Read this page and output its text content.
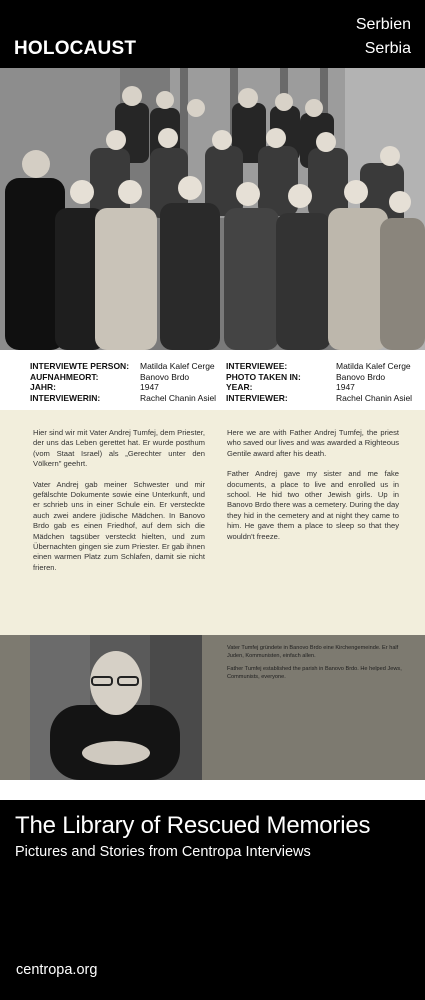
HOLOCAUST
Serbien
Serbia
INTERVIEWTE PERSON:
AUFNAHMEORT:
JAHR:
INTERVIEWERIN:
Matilda Kalef Cerge
Banovo Brdo
1947
Rachel Chanin Asiel
INTERVIEWEE:
PHOTO TAKEN IN:
YEAR:
INTERVIEWER:
Matilda Kalef Cerge
Banovo Brdo
1947
Rachel Chanin Asiel

Hier sind wir mit Vater Andrej Tumfej, dem Priester, der uns das Leben gerettet hat. Er wurde posthum (vom Staat Israel) als „Gerechter unter den Völkern" geehrt.

Vater Andrej gab meiner Schwester und mir gefälschte Dokumente sowie eine Unterkunft, und er schrieb uns in einer Schule ein. Er versteckte auch zwei andere jüdische Mädchen. In Banovo Brdo gab es einen Friedhof, auf dem sich die Mädchen tagsüber versteckt hielten, und zum Übernachten gingen sie zum Priester. Er gab ihnen einen warmen Platz zum Schlafen, damit sie nicht frieren.

Here we are with Father Andrej Tumfej, the priest who saved our lives and was awarded a Righteous Gentile award after his death.

Father Andrej gave my sister and me fake documents, a place to live and enrolled us in school. He hid two other Jewish girls. Up in Banovo Brdo there was a cemetery. During the day they hid in the cemetery and at night they came to him. He gave them a place to sleep so that they wouldn't freeze.

Vater Tumfej gründete in Banovo Brdo eine Kirchengemeinde. Er half Juden, Kommunisten, einfach allen.

Father Tumfej established the parish in Banovo Brdo. He helped Jews, Communists, everyone.

The Library of Rescued Memories
Pictures and Stories from Centropa Interviews
centropa.org
